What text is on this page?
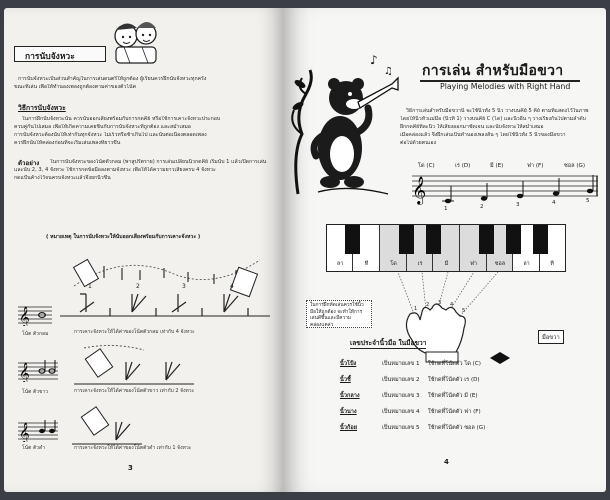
การนับจังหวะ
การนับจังหวะเป็นส่วนสำคัญในการเล่นดนตรีให้ถูกต้อง ผู้เรียนควรฝึกนับจังหวะทุกครั้ง
ขณะที่เล่น เพื่อให้ทำนองเพลงถูกต้องตามค่าของตัวโน้ต
วิธีการนับจังหวะ
ในการฝึกนับจังหวะนั้น ควรนับออกเสียงพร้อมกับการกดคีย์ หรือใช้การเคาะจังหวะประกอบ
ควบคู่กันไปเสมอ เพื่อให้เกิดความเคยชินกับการนับจังหวะที่ถูกต้อง และสม่ำเสมอ
การนับจังหวะต้องนับให้เท่ากันทุกจังหวะ ไม่เร็วหรือช้าเกินไป และนับต่อเนื่องตลอดเพลง
ควรฝึกนับให้คล่องก่อนที่จะเริ่มเล่นเพลงที่ยาวขึ้น
ตัวอย่าง ในการนับจังหวะของโน้ตตัวกลม (พาสูปรัตราย) การเล่นเปลี่ยนนิ้วกดคีย์ เริ่มนับ 1 แล้วเปิดการเล่น
และนับ 2, 3, 4 จังหวะ ใช้การกดข้อมือลงตามจังหวะ เพื่อให้ได้ความยาวเสียงครบ 4 จังหวะ
กดแป้นค้างไว้จนครบจังหวะแล้วจึงยกนิ้วขึ้น
( หมายเหตุ ในการนับจังหวะให้นับออกเสียงพร้อมกับการเคาะจังหวะ )
𝄞
1	2	3	4
โน้ต ตัวกลม	การเคาะจังหวะให้ได้ค่าของโน้ตตัวกลม เท่ากับ 4 จังหวะ
𝄞
โน้ต ตัวขาว	การเคาะจังหวะให้ได้ค่าของโน้ตตัวขาว เท่ากับ 2 จังหวะ
𝄞
โน้ต ตัวดำ	การเคาะจังหวะให้ได้ค่าของโน้ตตัวดำ เท่ากับ 1 จังหวะ
3
♪
♫ การเล่น สำหรับมือขวา
Playing Melodies with Right Hand
วิธีการเล่นสำหรับมือขวานี้ จะใช้นิ้วทั้ง 5 นิ้ว วางบนคีย์ 5 คีย์ ตามที่แสดงไว้ในภาพ
โดยให้นิ้วหัวแม่มือ (นิ้วที่ 1) วางบนคีย์ C (โด) และนิ้วอื่น ๆ วางเรียงกันไปตามลำดับ
ฝึกกดคีย์ทีละนิ้ว ให้เสียงออกมาชัดเจน และนับจังหวะให้สม่ำเสมอ
เมื่อคล่องแล้ว จึงฝึกเล่นเป็นทำนองเพลงสั้น ๆ โดยใช้นิ้วทั้ง 5 นิ้วของมือขวา
ต่อไปด้วยตนเอง
โด (C)	เร (D)	มี (E)	ฟา (F)	ซอล (G)
𝄞
1	2	3	4	5
ลา	ที	โด	เร	มี	ฟา	ซอล	ลา	ที
ในการฝึกหัดเล่นควรใช้นิ้วมือให้ถูกต้อง จะทำให้การเล่นดีขึ้นและมีความคล่องแคล่ว
1
2 3 4
5
มือขวา
เลขประจำนิ้วมือ ในมือขวา
นิ้วโป้ง	เป็นหมายเลข 1 ใช้กดที่โน้ตตัว โด (C)
นิ้วชี้	เป็นหมายเลข 2 ใช้กดที่โน้ตตัว เร (D)
นิ้วกลาง	เป็นหมายเลข 3 ใช้กดที่โน้ตตัว มี (E)
นิ้วนาง	เป็นหมายเลข 4 ใช้กดที่โน้ตตัว ฟา (F)
นิ้วก้อย	เป็นหมายเลข 5 ใช้กดที่โน้ตตัว ซอล (G)
4
